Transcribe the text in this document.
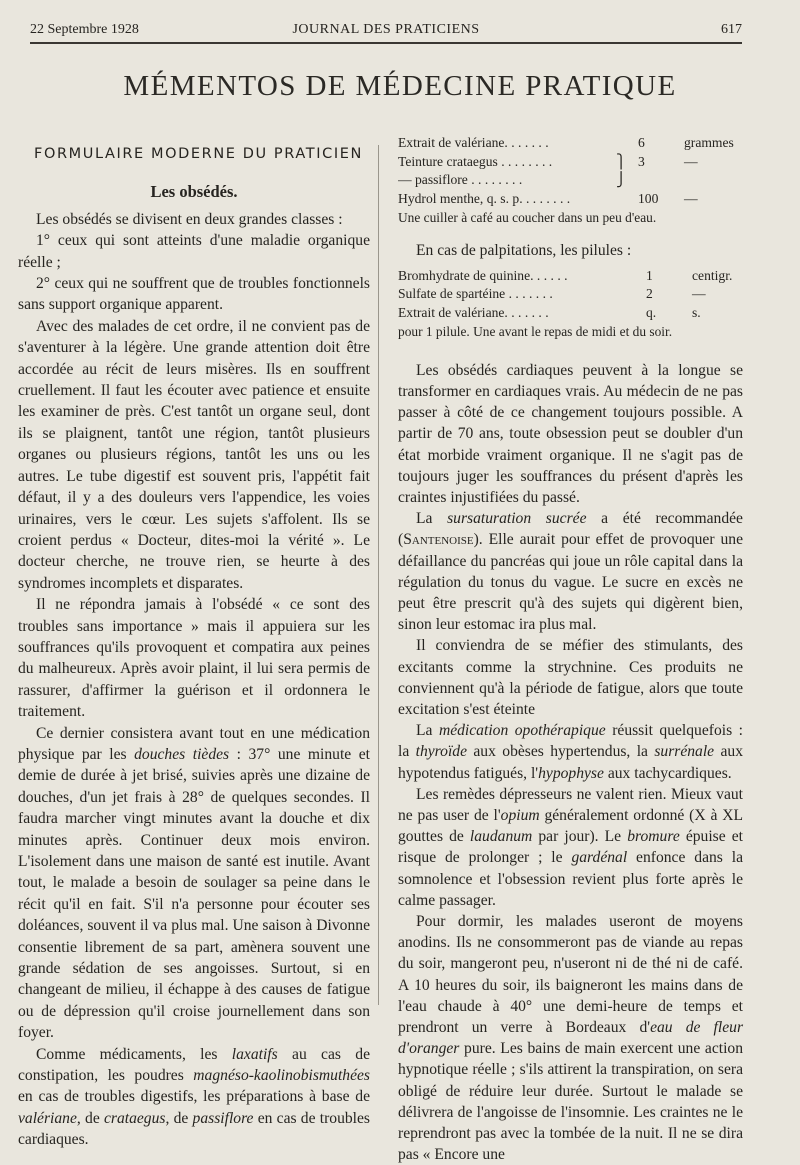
22 Septembre 1928	JOURNAL DES PRATICIENS	617
MÉMENTOS DE MÉDECINE PRATIQUE
FORMULAIRE MODERNE DU PRATICIEN
Les obsédés.

Les obsédés se divisent en deux grandes classes :

1° ceux qui sont atteints d'une maladie organique réelle ;

2° ceux qui ne souffrent que de troubles fonctionnels sans support organique apparent.

Avec des malades de cet ordre, il ne convient pas de s'aventurer à la légère. Une grande attention doit être accordée au récit de leurs misères. Ils en souffrent cruellement. Il faut les écouter avec patience et ensuite les examiner de près. C'est tantôt un organe seul, dont ils se plaignent, tantôt une région, tantôt plusieurs organes ou plusieurs régions, tantôt les uns ou les autres. Le tube digestif est souvent pris, l'appétit fait défaut, il y a des douleurs vers l'appendice, les voies urinaires, vers le cœur. Les sujets s'affolent. Ils se croient perdus « Docteur, dites-moi la vérité ». Le docteur cherche, ne trouve rien, se heurte à des syndromes incomplets et disparates.

Il ne répondra jamais à l'obsédé « ce sont des troubles sans importance » mais il appuiera sur les souffrances qu'ils provoquent et compatira aux peines du malheureux. Après avoir plaint, il lui sera permis de rassurer, d'affirmer la guérison et il ordonnera le traitement.

Ce dernier consistera avant tout en une médication physique par les douches tièdes : 37° une minute et demie de durée à jet brisé, suivies après une dizaine de douches, d'un jet frais à 28° de quelques secondes. Il faudra marcher vingt minutes avant la douche et dix minutes après. Continuer deux mois environ. L'isolement dans une maison de santé est inutile. Avant tout, le malade a besoin de soulager sa peine dans le récit qu'il en fait. S'il n'a personne pour écouter ses doléances, souvent il va plus mal. Une saison à Divonne consentie librement de sa part, amènera souvent une grande sédation de ses angoisses. Surtout, si en changeant de milieu, il échappe à des causes de fatigue ou de dépression qu'il croise journellement dans son foyer.

Comme médicaments, les laxatifs au cas de constipation, les poudres magnéso-kaolinobismuthées en cas de troubles digestifs, les préparations à base de valériane, de crataegus, de passiflore en cas de troubles cardiaques.

Extrait de valériane. . . . . . .	6	grammes
Teinture crataegus . . . . . . . .	⎫ 3	—
— passiflore . . . . . . . .	⎭
Hydrol menthe, q. s. p. . . . . . . .	100	—
Une cuiller à café au coucher dans un peu d'eau.

En cas de palpitations, les pilules :

Bromhydrate de quinine. . . . . .	1	centigr.
Sulfate de spartéine . . . . . . .	2	—
Extrait de valériane. . . . . . .	q.	s.
pour 1 pilule. Une avant le repas de midi et du soir.

Les obsédés cardiaques peuvent à la longue se transformer en cardiaques vrais. Au médecin de ne pas passer à côté de ce changement toujours possible. A partir de 70 ans, toute obsession peut se doubler d'un état morbide vraiment organique. Il ne s'agit pas de toujours juger les souffrances du présent d'après les craintes injustifiées du passé.

La sursaturation sucrée a été recommandée (Santenoise). Elle aurait pour effet de provoquer une défaillance du pancréas qui joue un rôle capital dans la régulation du tonus du vague. Le sucre en excès ne peut être prescrit qu'à des sujets qui digèrent bien, sinon leur estomac ira plus mal.

Il conviendra de se méfier des stimulants, des excitants comme la strychnine. Ces produits ne conviennent qu'à la période de fatigue, alors que toute excitation s'est éteinte

La médication opothérapique réussit quelquefois : la thyroïde aux obèses hypertendus, la surrénale aux hypotendus fatigués, l'hypophyse aux tachycardiques.

Les remèdes dépresseurs ne valent rien. Mieux vaut ne pas user de l'opium généralement ordonné (X à XL gouttes de laudanum par jour). Le bromure épuise et risque de prolonger ; le gardénal enfonce dans la somnolence et l'obsession revient plus forte après le calme passager.

Pour dormir, les malades useront de moyens anodins. Ils ne consommeront pas de viande au repas du soir, mangeront peu, n'useront ni de thé ni de café. A 10 heures du soir, ils baigneront les mains dans de l'eau chaude à 40° une demi-heure de temps et prendront un verre à Bordeaux d'eau de fleur d'oranger pure. Les bains de main exercent une action hypnotique réelle ; s'ils attirent la transpiration, on sera obligé de réduire leur durée. Surtout le malade se délivrera de l'angoisse de l'insomnie. Les craintes ne le reprendront pas avec la tombée de la nuit. Il ne se dira pas « Encore une
